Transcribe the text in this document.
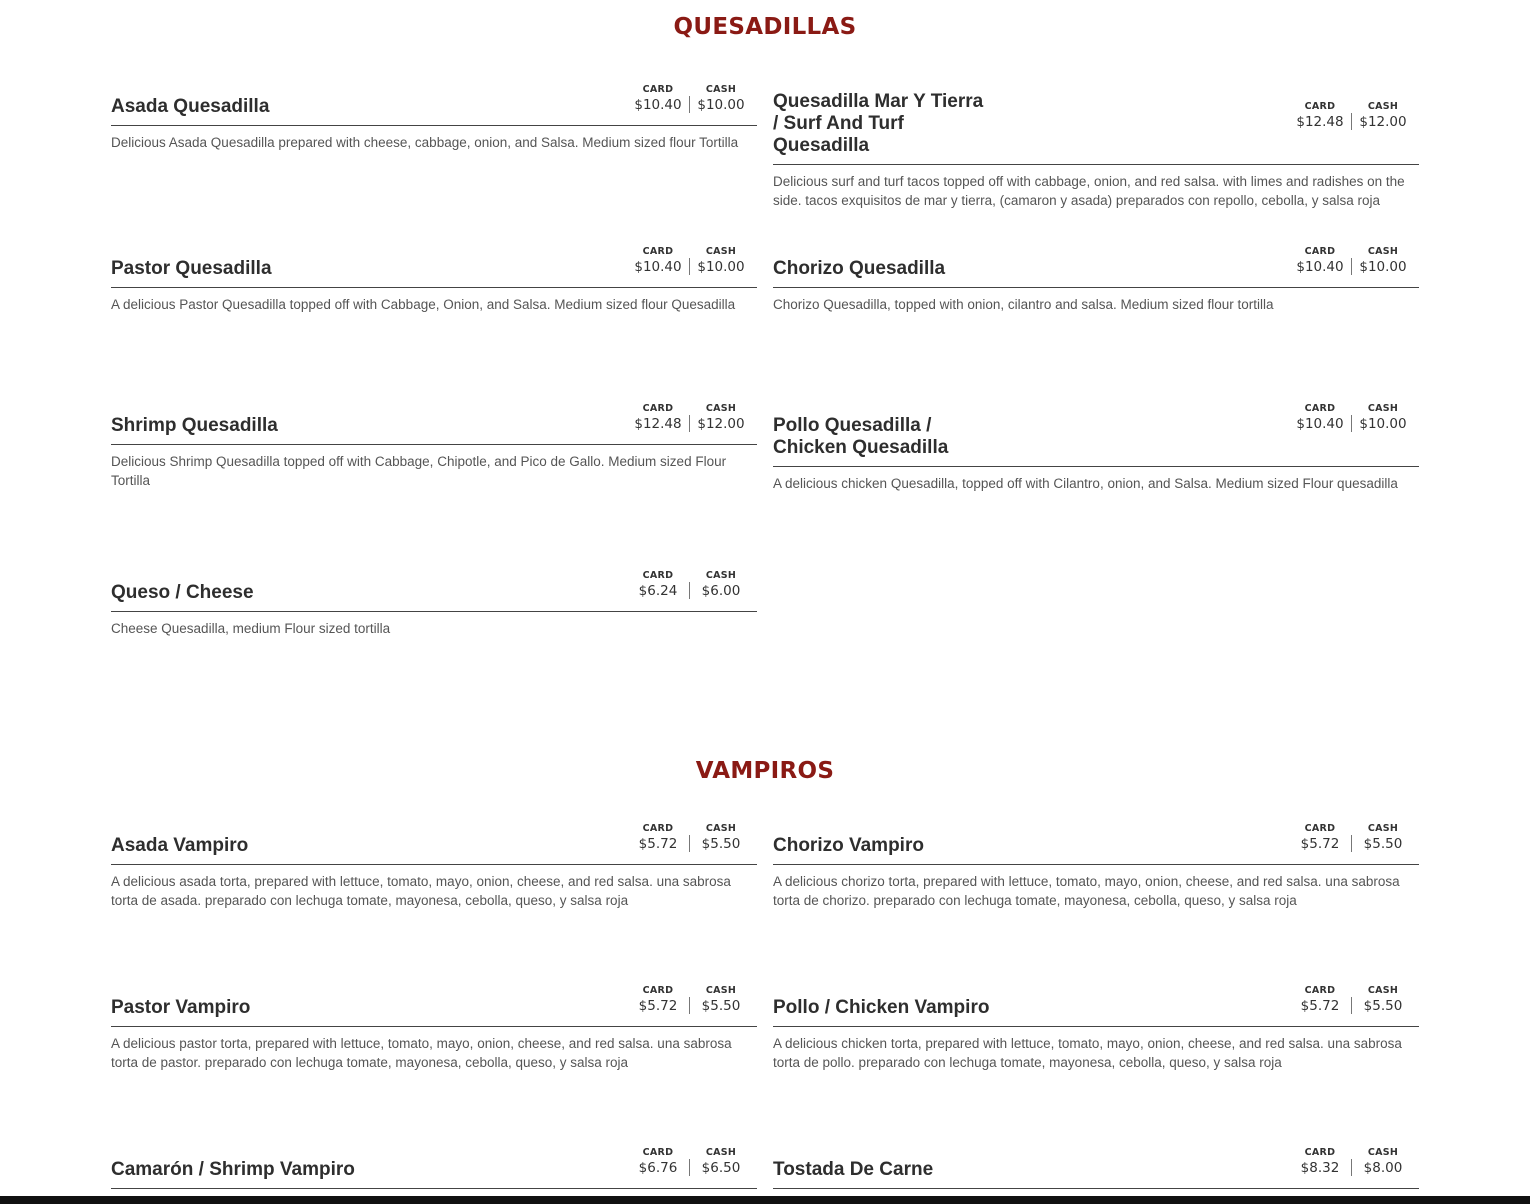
QUESADILLAS
Asada Quesadilla
CARD
$10.40
CASH
$10.00
Delicious Asada Quesadilla prepared with cheese, cabbage, onion, and Salsa. Medium sized flour Tortilla
Quesadilla Mar Y Tierra / Surf And Turf Quesadilla
CARD
$12.48
CASH
$12.00
Delicious surf and turf tacos topped off with cabbage, onion, and red salsa. with limes and radishes on the side. tacos exquisitos de mar y tierra, (camaron y asada) preparados con repollo, cebolla, y salsa roja
Pastor Quesadilla
CARD
$10.40
CASH
$10.00
A delicious Pastor Quesadilla topped off with Cabbage, Onion, and Salsa. Medium sized flour Quesadilla
Chorizo Quesadilla
CARD
$10.40
CASH
$10.00
Chorizo Quesadilla, topped with onion, cilantro and salsa. Medium sized flour tortilla
Shrimp Quesadilla
CARD
$12.48
CASH
$12.00
Delicious Shrimp Quesadilla topped off with Cabbage, Chipotle, and Pico de Gallo. Medium sized Flour Tortilla
Pollo Quesadilla / Chicken Quesadilla
CARD
$10.40
CASH
$10.00
A delicious chicken Quesadilla, topped off with Cilantro, onion, and Salsa. Medium sized Flour quesadilla
Queso / Cheese
CARD
$6.24
CASH
$6.00
Cheese Quesadilla, medium Flour sized tortilla
VAMPIROS
Asada Vampiro
CARD
$5.72
CASH
$5.50
A delicious asada torta, prepared with lettuce, tomato, mayo, onion, cheese, and red salsa. una sabrosa torta de asada. preparado con lechuga tomate, mayonesa, cebolla, queso, y salsa roja
Chorizo Vampiro
CARD
$5.72
CASH
$5.50
A delicious chorizo torta, prepared with lettuce, tomato, mayo, onion, cheese, and red salsa. una sabrosa torta de chorizo. preparado con lechuga tomate, mayonesa, cebolla, queso, y salsa roja
Pastor Vampiro
CARD
$5.72
CASH
$5.50
A delicious pastor torta, prepared with lettuce, tomato, mayo, onion, cheese, and red salsa. una sabrosa torta de pastor. preparado con lechuga tomate, mayonesa, cebolla, queso, y salsa roja
Pollo / Chicken Vampiro
CARD
$5.72
CASH
$5.50
A delicious chicken torta, prepared with lettuce, tomato, mayo, onion, cheese, and red salsa. una sabrosa torta de pollo. preparado con lechuga tomate, mayonesa, cebolla, queso, y salsa roja
Camarón / Shrimp Vampiro
CARD
$6.76
CASH
$6.50	Tostada De Carne
CARD
$8.32
CASH
$8.00
